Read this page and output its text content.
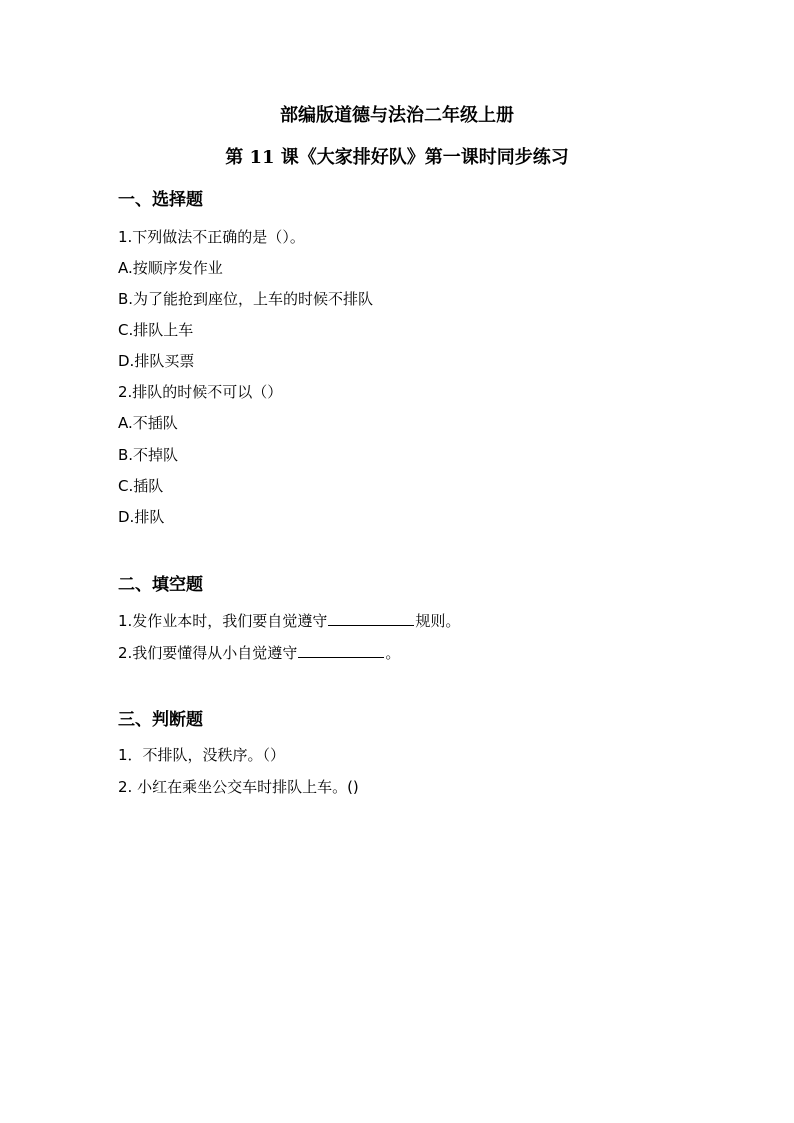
部编版道德与法治二年级上册
第 11 课《大家排好队》第一课时同步练习
一、选择题
1.下列做法不正确的是（）。
A.按顺序发作业
B.为了能抢到座位，上车的时候不排队
C.排队上车
D.排队买票
2.排队的时候不可以（）
A.不插队
B.不掉队
C.插队
D.排队
二、填空题
1.发作业本时，我们要自觉遵守	规则。
2.我们要懂得从小自觉遵守	。
三、判断题
1．不排队，没秩序。（）
2. 小红在乘坐公交车时排队上车。()
